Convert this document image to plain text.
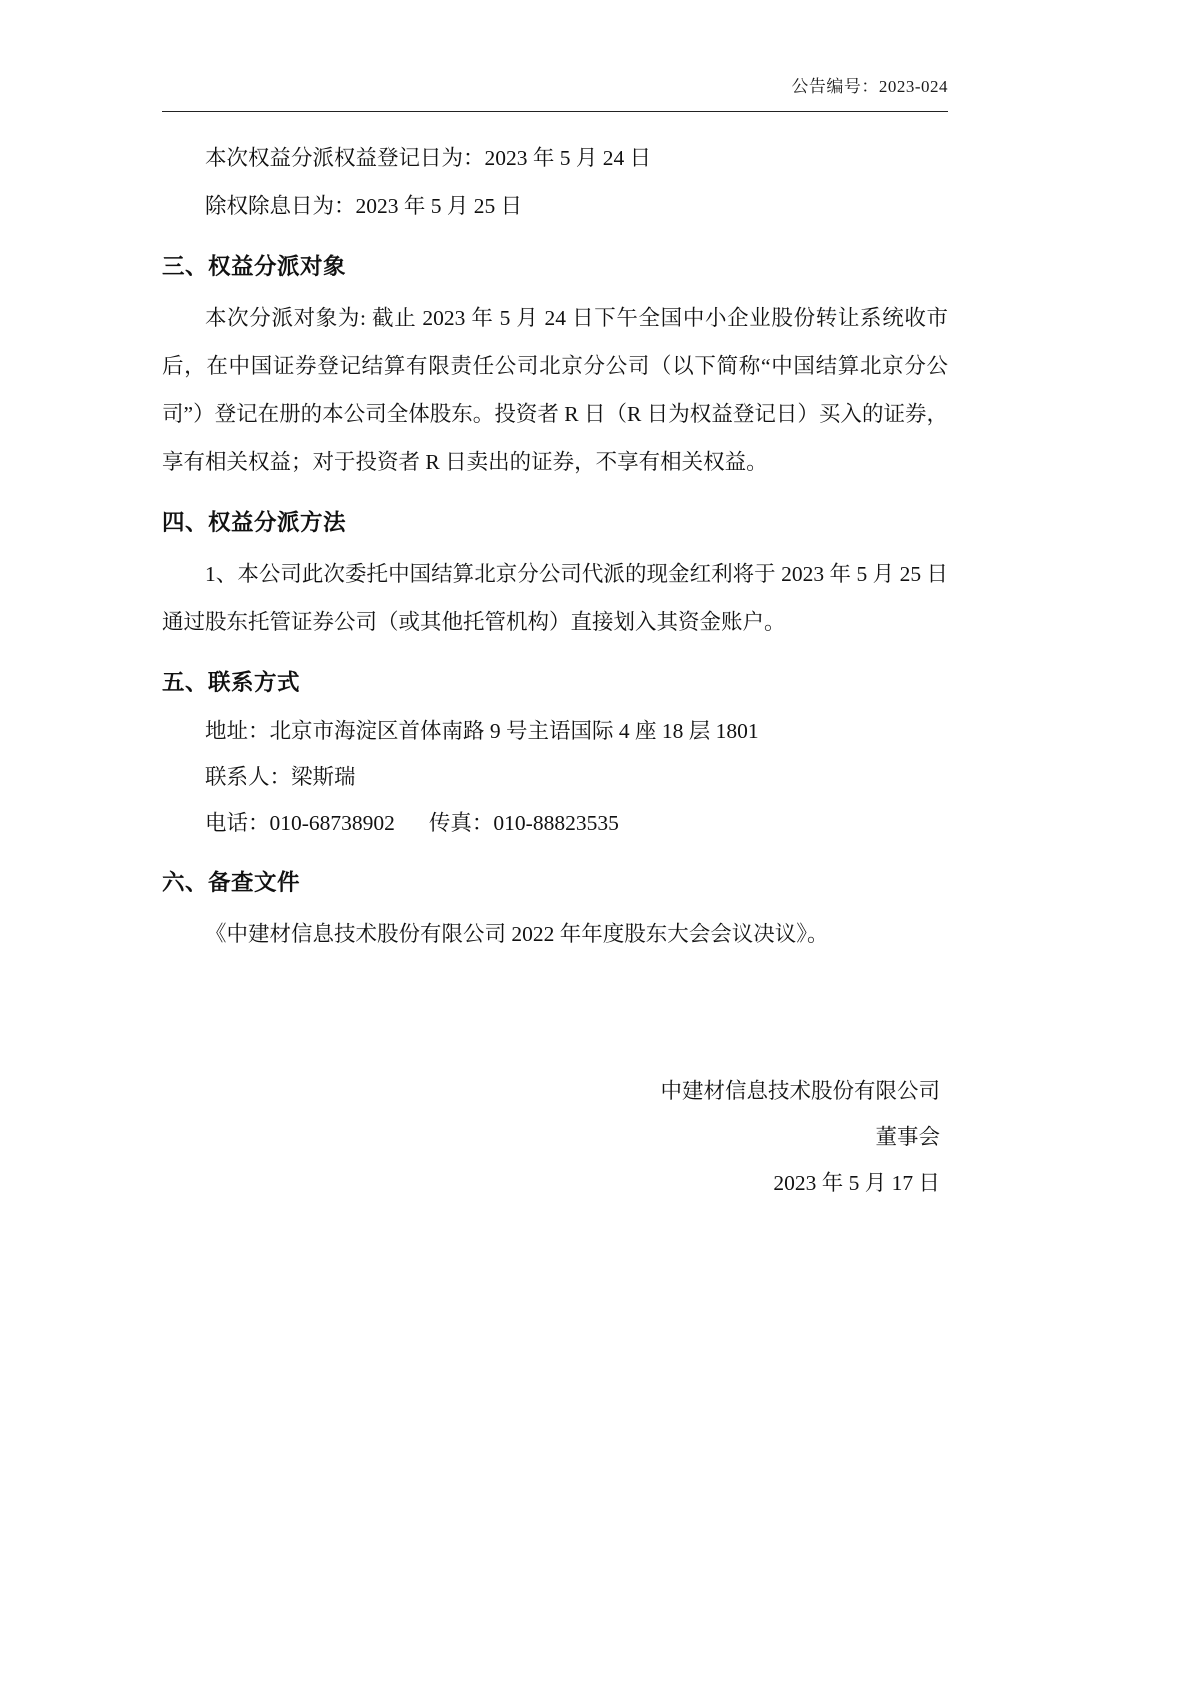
公告编号：2023-024

本次权益分派权益登记日为：2023 年 5 月 24 日

除权除息日为：2023 年 5 月 25 日

三、权益分派对象

本次分派对象为: 截止 2023 年 5 月 24 日下午全国中小企业股份转让系统收市后，在中国证券登记结算有限责任公司北京分公司（以下简称“中国结算北京分公司”）登记在册的本公司全体股东。投资者 R 日（R 日为权益登记日）买入的证券，享有相关权益；对于投资者 R 日卖出的证券，不享有相关权益。

四、权益分派方法

1、本公司此次委托中国结算北京分公司代派的现金红利将于 2023 年 5 月 25 日通过股东托管证券公司（或其他托管机构）直接划入其资金账户。

五、联系方式

地址：北京市海淀区首体南路 9 号主语国际 4 座 18 层 1801

联系人：梁斯瑞

电话：010-68738902 传真：010-88823535

六、备查文件

《中建材信息技术股份有限公司 2022 年年度股东大会会议决议》。

中建材信息技术股份有限公司

董事会

2023 年 5 月 17 日
